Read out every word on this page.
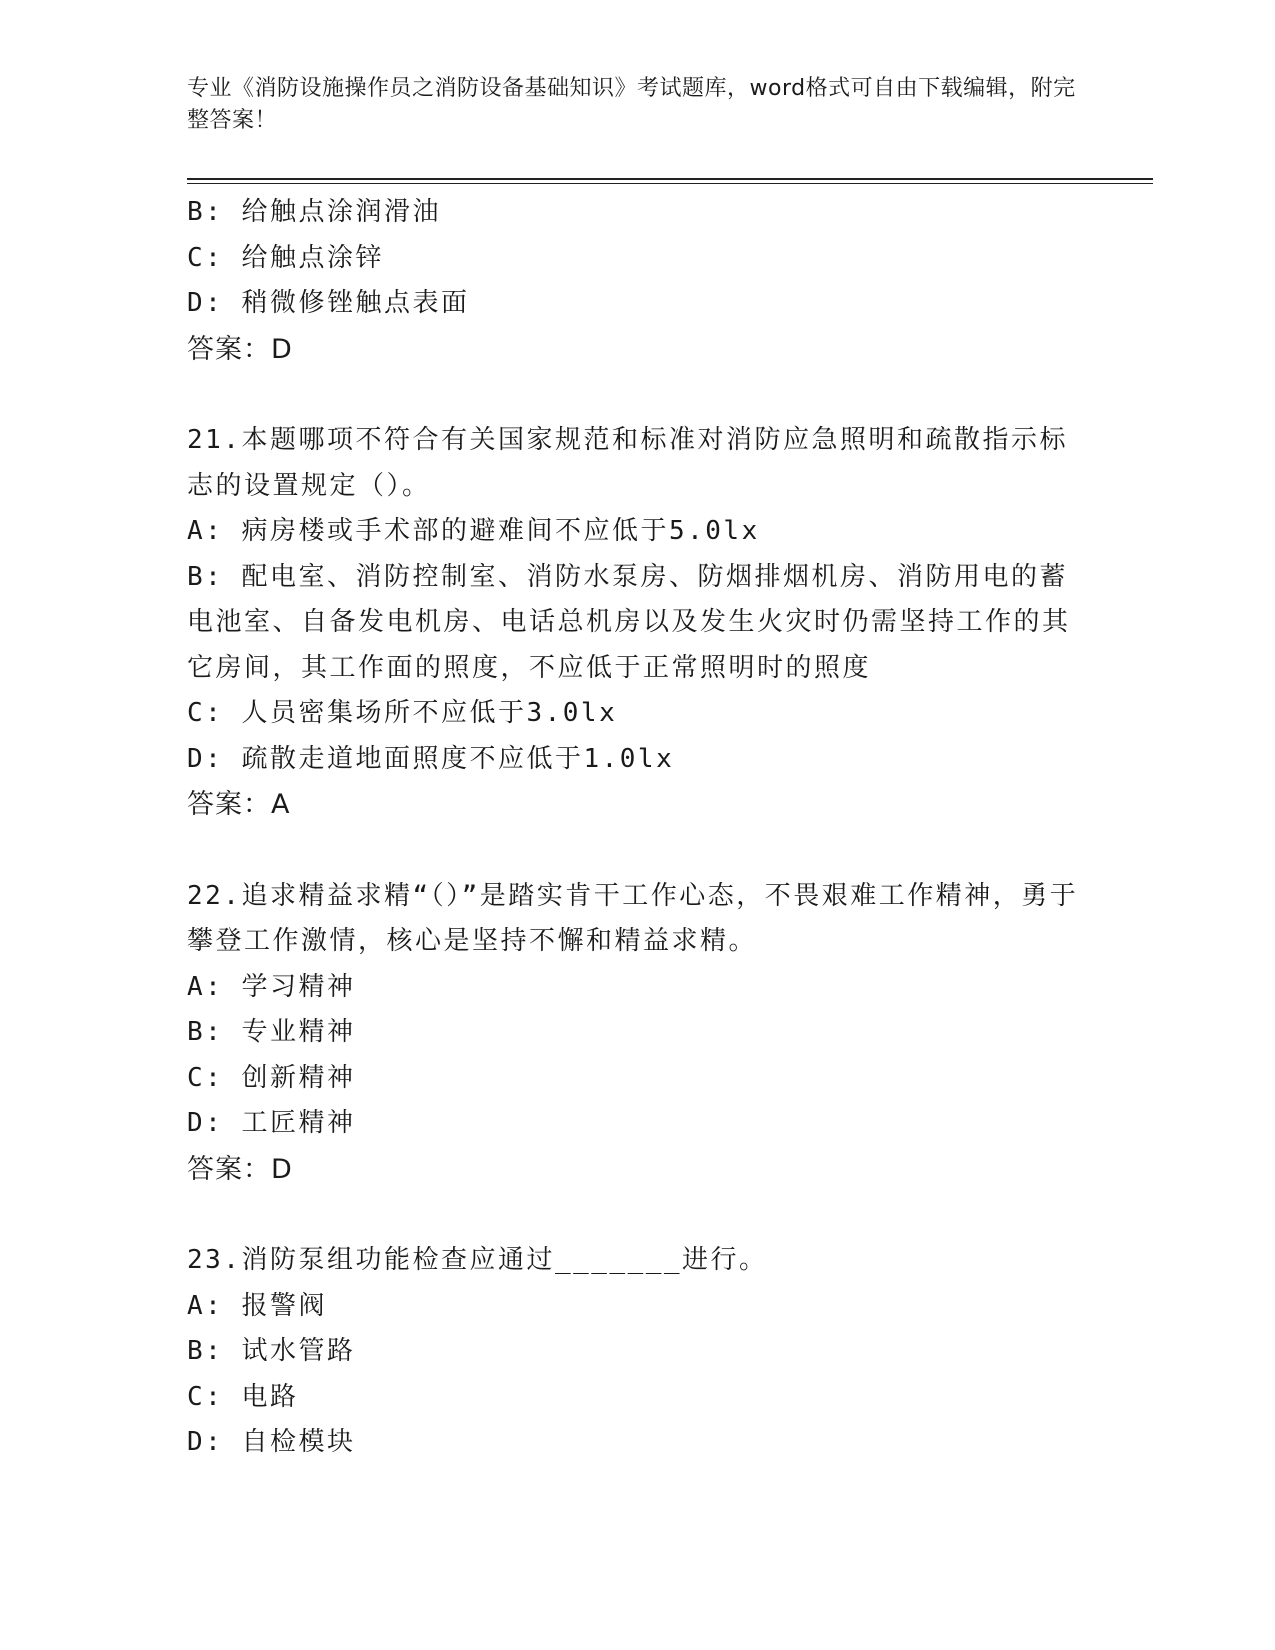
专业《消防设施操作员之消防设备基础知识》考试题库，word格式可自由下载编辑，附完整答案！
B: 给触点涂润滑油
C: 给触点涂锌
D: 稍微修锉触点表面
答案：D
21.本题哪项不符合有关国家规范和标准对消防应急照明和疏散指示标志的设置规定（）。
A: 病房楼或手术部的避难间不应低于5.0lx
B: 配电室、消防控制室、消防水泵房、防烟排烟机房、消防用电的蓄电池室、自备发电机房、电话总机房以及发生火灾时仍需坚持工作的其它房间，其工作面的照度，不应低于正常照明时的照度
C: 人员密集场所不应低于3.0lx
D: 疏散走道地面照度不应低于1.0lx
答案：A
22.追求精益求精“（）”是踏实肯干工作心态，不畏艰难工作精神，勇于攀登工作激情，核心是坚持不懈和精益求精。
A: 学习精神
B: 专业精神
C: 创新精神
D: 工匠精神
答案：D
23.消防泵组功能检查应通过_______进行。
A: 报警阀
B: 试水管路
C: 电路
D: 自检模块
